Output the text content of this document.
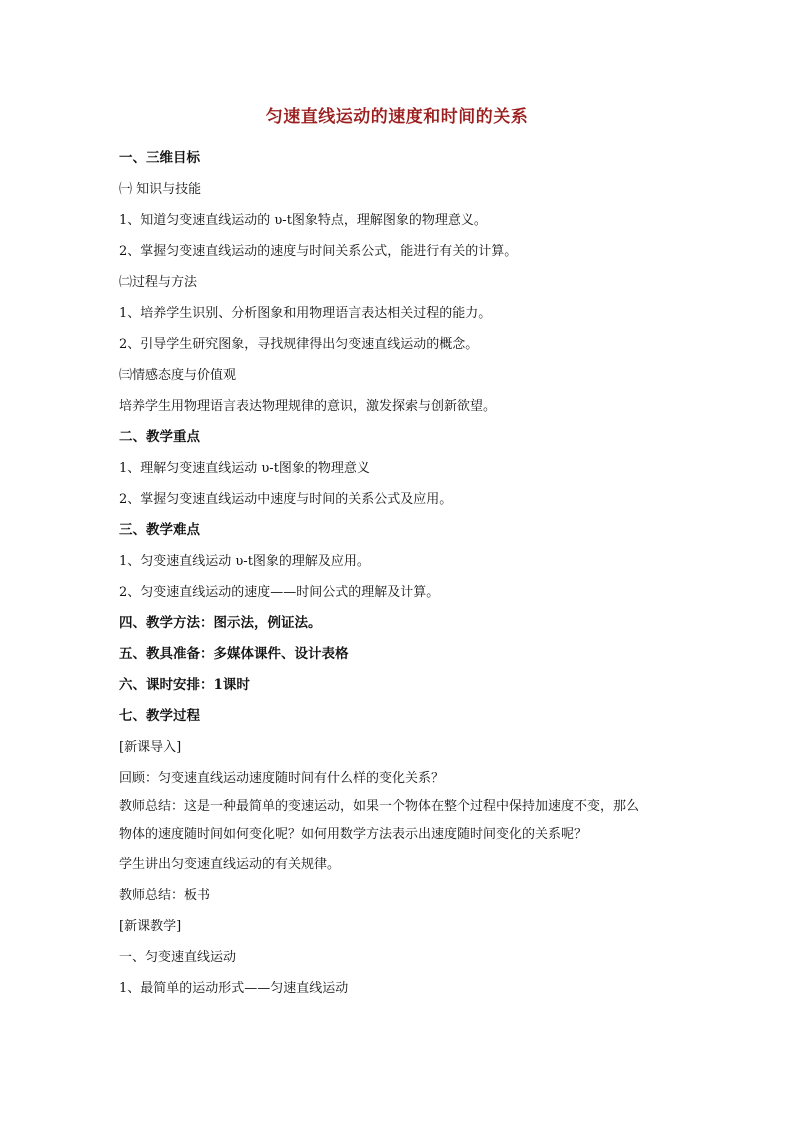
匀速直线运动的速度和时间的关系
一、三维目标
㈠ 知识与技能
1、知道匀变速直线运动的 υ-t图象特点，理解图象的物理意义。
2、掌握匀变速直线运动的速度与时间关系公式，能进行有关的计算。
㈡过程与方法
1、培养学生识别、分析图象和用物理语言表达相关过程的能力。
2、引导学生研究图象，寻找规律得出匀变速直线运动的概念。
㈢情感态度与价值观
培养学生用物理语言表达物理规律的意识，激发探索与创新欲望。
二、教学重点
1、理解匀变速直线运动 υ-t图象的物理意义
2、掌握匀变速直线运动中速度与时间的关系公式及应用。
三、教学难点
1、匀变速直线运动 υ-t图象的理解及应用。
2、匀变速直线运动的速度——时间公式的理解及计算。
四、教学方法：图示法，例证法。
五、教具准备：多媒体课件、设计表格
六、课时安排：1课时
七、教学过程
[新课导入]
回顾：匀变速直线运动速度随时间有什么样的变化关系？
教师总结：这是一种最简单的变速运动，如果一个物体在整个过程中保持加速度不变，那么
物体的速度随时间如何变化呢？如何用数学方法表示出速度随时间变化的关系呢？
学生讲出匀变速直线运动的有关规律。
教师总结：板书
[新课教学]
一、匀变速直线运动
1、最简单的运动形式——匀速直线运动
